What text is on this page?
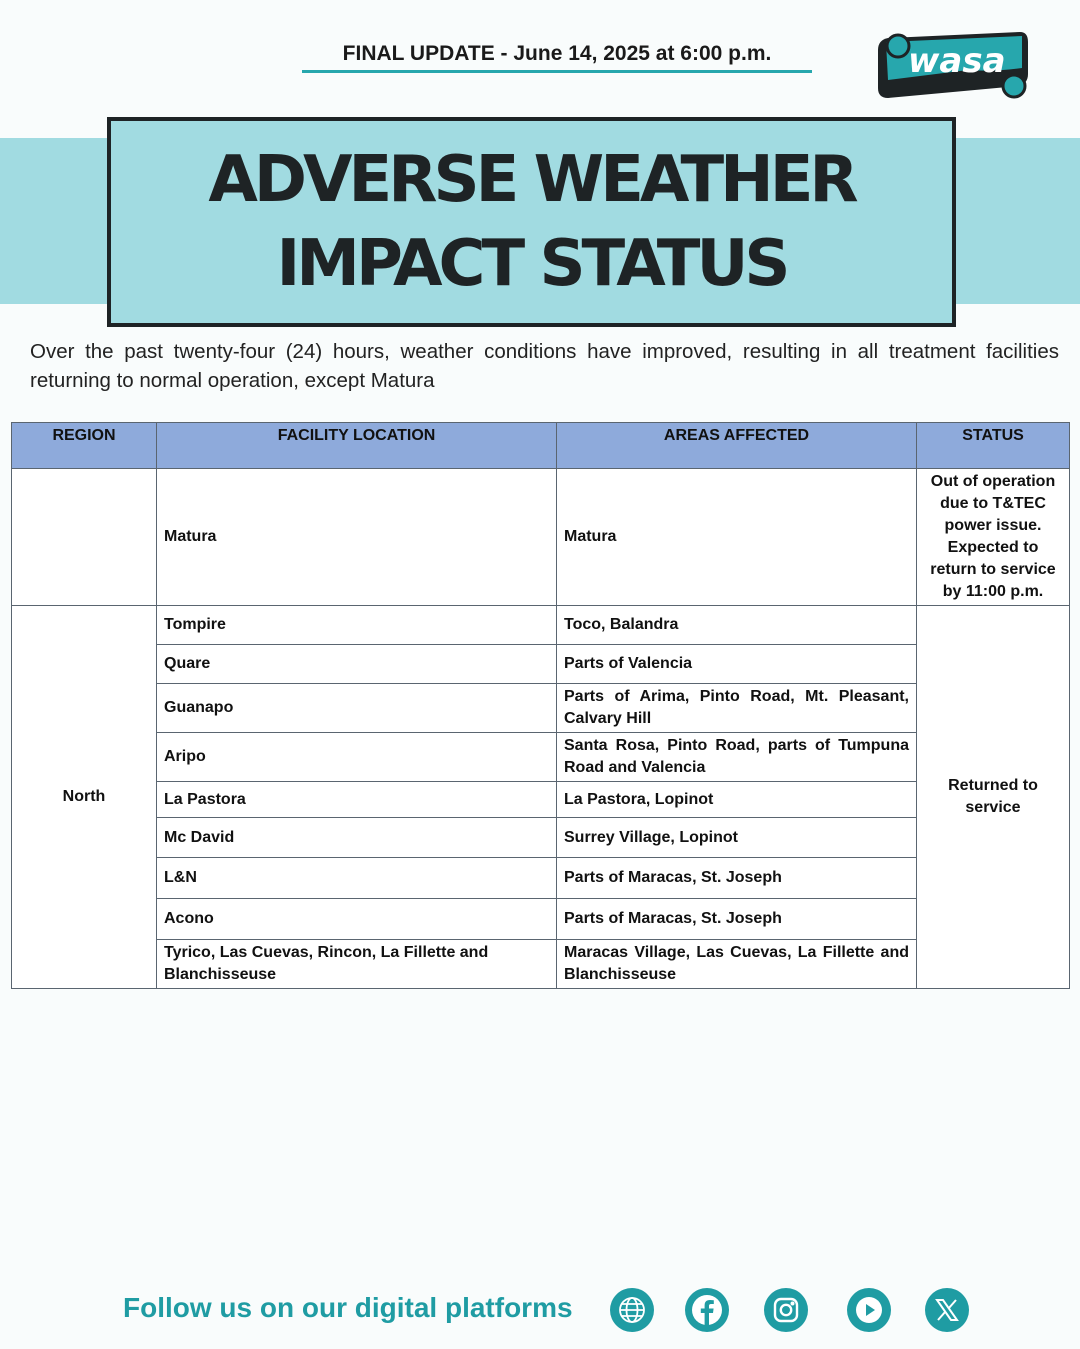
FINAL UPDATE - June 14, 2025 at 6:00 p.m.	wasa
ADVERSE WEATHER
IMPACT STATUS

Over the past twenty-four (24) hours, weather conditions have improved, resulting in all treatment facilities returning to normal operation, except Matura

REGION	FACILITY LOCATION	AREAS AFFECTED	STATUS
	Matura	Matura	Out of operation due to T&TEC power issue. Expected to return to service by 11:00 p.m.
North	Tompire	Toco, Balandra	Returned to service
	Quare	Parts of Valencia	
	Guanapo	Parts of Arima, Pinto Road, Mt. Pleasant, Calvary Hill	
	Aripo	Santa Rosa, Pinto Road, parts of Tumpuna Road and Valencia	
	La Pastora	La Pastora, Lopinot	
	Mc David	Surrey Village, Lopinot	
	L&N	Parts of Maracas, St. Joseph	
	Acono	Parts of Maracas, St. Joseph	
	Tyrico, Las Cuevas, Rincon, La Fillette and Blanchisseuse	Maracas Village, Las Cuevas, La Fillette and Blanchisseuse	
Follow us on our digital platforms
